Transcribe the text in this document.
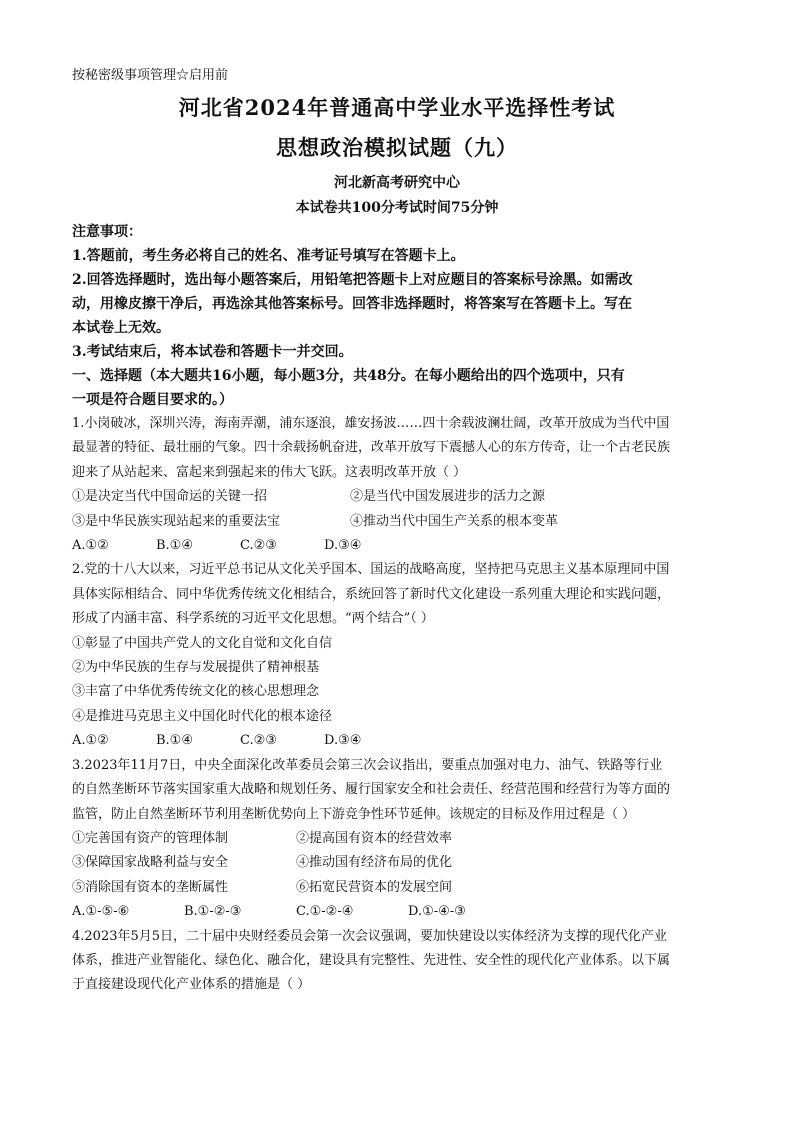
按秘密级事项管理☆启用前
河北省2024年普通高中学业水平选择性考试
思想政治模拟试题（九）
河北新高考研究中心
本试卷共100分考试时间75分钟
注意事项：
1.答题前，考生务必将自己的姓名、准考证号填写在答题卡上。
2.回答选择题时，选出每小题答案后，用铅笔把答题卡上对应题目的答案标号涂黑。如需改
动，用橡皮擦干净后，再选涂其他答案标号。回答非选择题时，将答案写在答题卡上。写在
本试卷上无效。
3.考试结束后，将本试卷和答题卡一并交回。
一、选择题（本大题共16小题，每小题3分，共48分。在每小题给出的四个选项中，只有
一项是符合题目要求的。）
1.小岗破冰，深圳兴涛，海南弄潮，浦东逐浪，雄安扬波……四十余载波澜壮阔，改革开放成为当代中国
最显著的特征、最壮丽的气象。四十余载扬帆奋进，改革开放写下震撼人心的东方传奇，让一个古老民族
迎来了从站起来、富起来到强起来的伟大飞跃。这表明改革开放（ ）
①是决定当代中国命运的关键一招	②是当代中国发展进步的活力之源
③是中华民族实现站起来的重要法宝	④推动当代中国生产关系的根本变革
A.①②	B.①④	C.②③	D.③④
2.党的十八大以来，习近平总书记从文化关乎国本、国运的战略高度，坚持把马克思主义基本原理同中国
具体实际相结合、同中华优秀传统文化相结合，系统回答了新时代文化建设一系列重大理论和实践问题，
形成了内涵丰富、科学系统的习近平文化思想。“两个结合”（ ）
①彰显了中国共产党人的文化自觉和文化自信
②为中华民族的生存与发展提供了精神根基
③丰富了中华优秀传统文化的核心思想理念
④是推进马克思主义中国化时代化的根本途径
A.①②	B.①④	C.②③	D.③④
3.2023年11月7日，中央全面深化改革委员会第三次会议指出，要重点加强对电力、油气、铁路等行业
的自然垄断环节落实国家重大战略和规划任务、履行国家安全和社会责任、经营范围和经营行为等方面的
监管，防止自然垄断环节利用垄断优势向上下游竞争性环节延伸。该规定的目标及作用过程是（ ）
①完善国有资产的管理体制	②提高国有资本的经营效率
③保障国家战略利益与安全	④推动国有经济布局的优化
⑤消除国有资本的垄断属性	⑥拓宽民营资本的发展空间
A.①-⑤-⑥	B.①-②-③	C.①-②-④	D.①-④-③
4.2023年5月5日，二十届中央财经委员会第一次会议强调，要加快建设以实体经济为支撑的现代化产业
体系，推进产业智能化、绿色化、融合化，建设具有完整性、先进性、安全性的现代化产业体系。以下属
于直接建设现代化产业体系的措施是（ ）
